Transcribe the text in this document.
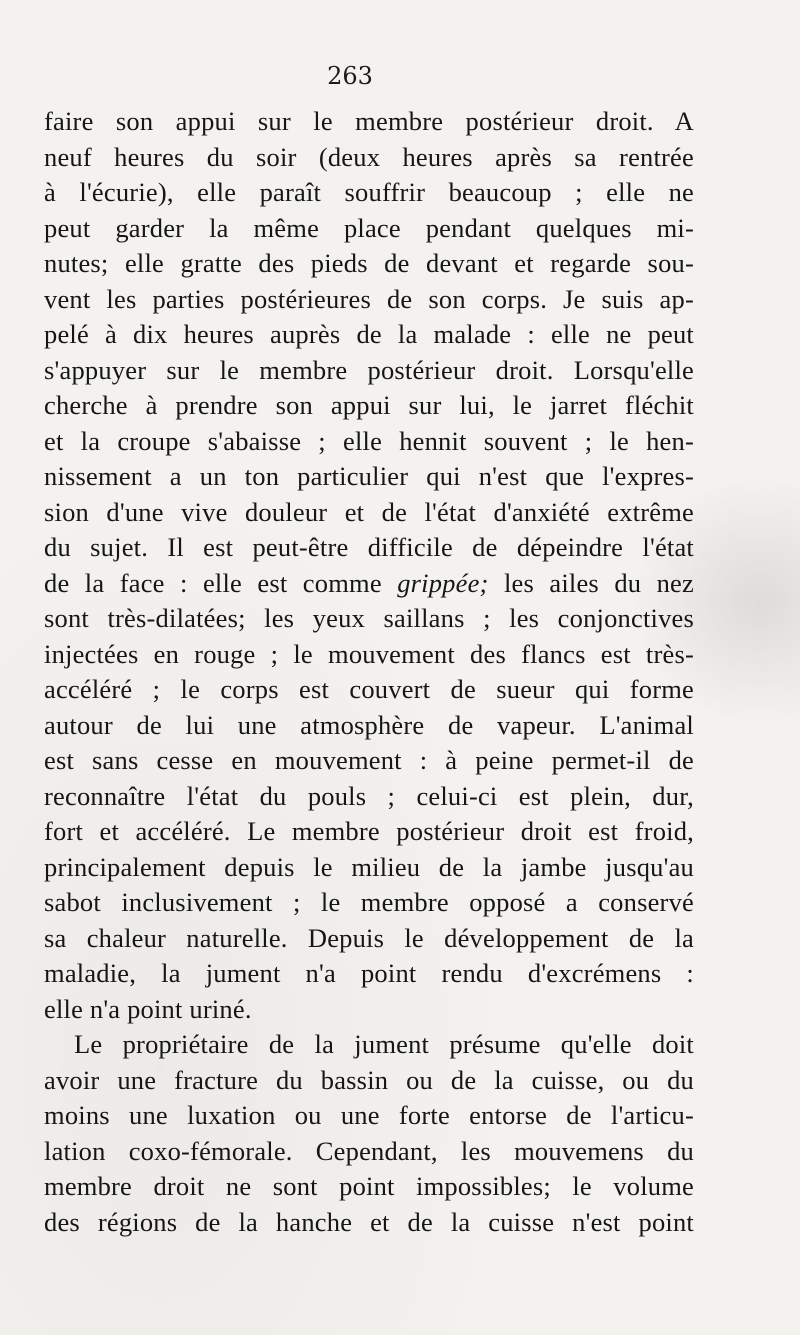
263
faire son appui sur le membre postérieur droit. A
neuf heures du soir (deux heures après sa rentrée
à l'écurie), elle paraît souffrir beaucoup ; elle ne
peut garder la même place pendant quelques mi-
nutes; elle gratte des pieds de devant et regarde sou-
vent les parties postérieures de son corps. Je suis ap-
pelé à dix heures auprès de la malade : elle ne peut
s'appuyer sur le membre postérieur droit. Lorsqu'elle
cherche à prendre son appui sur lui, le jarret fléchit
et la croupe s'abaisse ; elle hennit souvent ; le hen-
nissement a un ton particulier qui n'est que l'expres-
sion d'une vive douleur et de l'état d'anxiété extrême
du sujet. Il est peut-être difficile de dépeindre l'état
de la face : elle est comme grippée; les ailes du nez
sont très-dilatées; les yeux saillans ; les conjonctives
injectées en rouge ; le mouvement des flancs est très-
accéléré ; le corps est couvert de sueur qui forme
autour de lui une atmosphère de vapeur. L'animal
est sans cesse en mouvement : à peine permet-il de
reconnaître l'état du pouls ; celui-ci est plein, dur,
fort et accéléré. Le membre postérieur droit est froid,
principalement depuis le milieu de la jambe jusqu'au
sabot inclusivement ; le membre opposé a conservé
sa chaleur naturelle. Depuis le développement de la
maladie, la jument n'a point rendu d'excrémens :
elle n'a point uriné.
Le propriétaire de la jument présume qu'elle doit
avoir une fracture du bassin ou de la cuisse, ou du
moins une luxation ou une forte entorse de l'articu-
lation coxo-fémorale. Cependant, les mouvemens du
membre droit ne sont point impossibles; le volume
des régions de la hanche et de la cuisse n'est point
